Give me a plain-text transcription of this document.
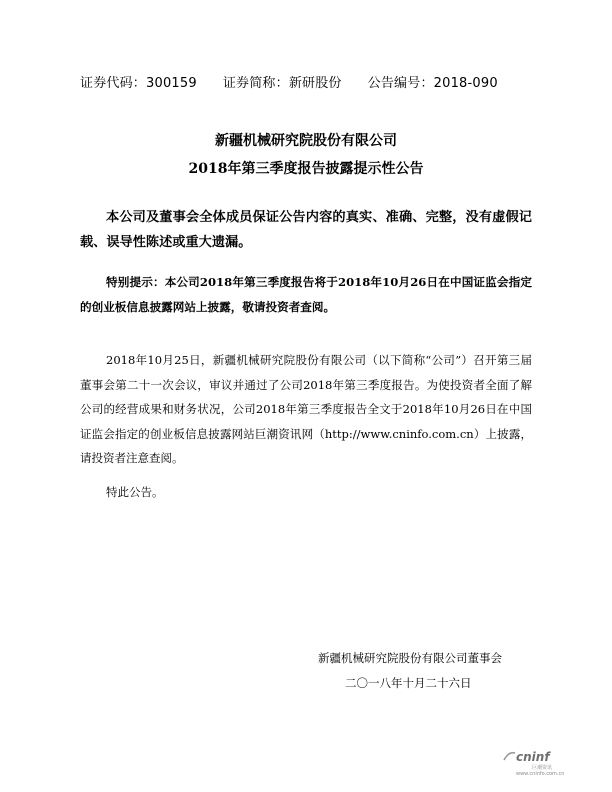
证券代码：300159 证券简称：新研股份 公告编号：2018-090
新疆机械研究院股份有限公司
2018年第三季度报告披露提示性公告
本公司及董事会全体成员保证公告内容的真实、准确、完整，没有虚假记载、误导性陈述或重大遗漏。
特别提示：本公司2018年第三季度报告将于2018年10月26日在中国证监会指定的创业板信息披露网站上披露，敬请投资者查阅。
2018年10月25日，新疆机械研究院股份有限公司（以下简称“公司”）召开第三届董事会第二十一次会议，审议并通过了公司2018年第三季度报告。为使投资者全面了解公司的经营成果和财务状况，公司2018年第三季度报告全文于2018年10月26日在中国证监会指定的创业板信息披露网站巨潮资讯网（http://www.cninfo.com.cn）上披露，请投资者注意查阅。
特此公告。
新疆机械研究院股份有限公司董事会
二〇一八年十月二十六日
cninf
巨潮资讯
www.cninfo.com.cn
